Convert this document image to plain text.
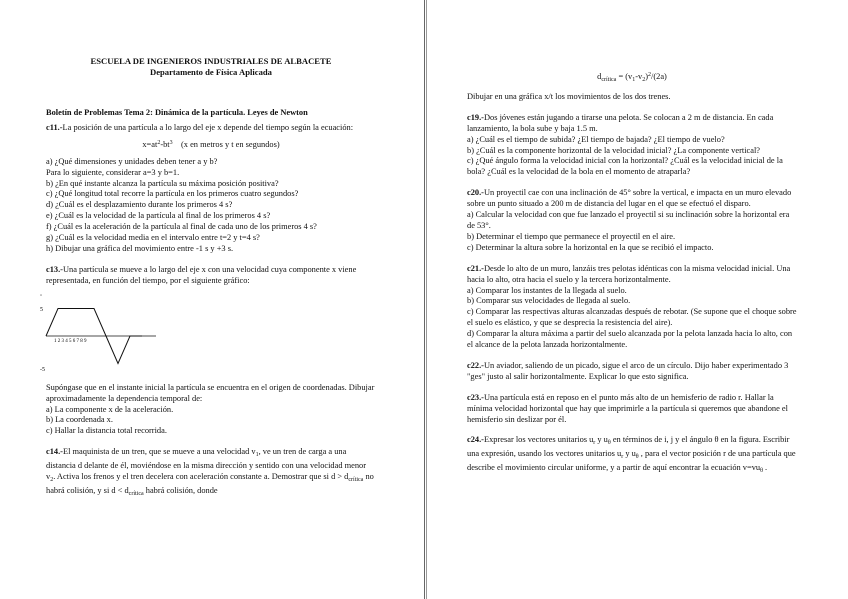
ESCUELA DE INGENIEROS INDUSTRIALES DE ALBACETE

Departamento de Física Aplicada

Boletín de Problemas Tema 2: Dinámica de la partícula. Leyes de Newton

c11.-La posición de una partícula a lo largo del eje x depende del tiempo según la ecuación:

$x=at^2-bt^3$ (x en metros y t en segundos)

a) ¿Qué dimensiones y unidades deben tener a y b?

Para lo siguiente, considerar a=3 y b=1.

b) ¿En qué instante alcanza la partícula su máxima posición positiva?

c) ¿Qué longitud total recorre la partícula en los primeros cuatro segundos?

d) ¿Cuál es el desplazamiento durante los primeros 4 s?

e) ¿Cuál es la velocidad de la partícula al final de los primeros 4 s?

f) ¿Cuál es la aceleración de la partícula al final de cada uno de los primeros 4 s?

g) ¿Cuál es la velocidad media en el intervalo entre t=2 y t=4 s?

h) Dibujar una gráfica del movimiento entre -1 s y +3 s.

c13.-Una partícula se mueve a lo largo del eje x con una velocidad cuya componente x viene representada, en función del tiempo, por el siguiente gráfico:

ˇ
5
-5
1 2 3 4 5 6 7 8 9

Supóngase que en el instante inicial la partícula se encuentra en el origen de coordenadas. Dibujar aproximadamente la dependencia temporal de:

a) La componente x de la aceleración.

b) La coordenada x.

c) Hallar la distancia total recorrida.

c14.-El maquinista de un tren, que se mueve a una velocidad $v_1$, ve un tren de carga a una distancia d delante de él, moviéndose en la misma dirección y sentido con una velocidad menor $v_2$. Activa los frenos y el tren decelera con aceleración constante a. Demostrar que si $d > d_{crítica}$ no habrá colisión, y si $d < d_{crítica}$ habrá colisión, donde

$d_{crítica} = (v_1-v_2)^2/(2a)$

Dibujar en una gráfica x/t los movimientos de los dos trenes.

c19.-Dos jóvenes están jugando a tirarse una pelota. Se colocan a 2 m de distancia. En cada lanzamiento, la bola sube y baja 1.5 m.

a) ¿Cuál es el tiempo de subida? ¿El tiempo de bajada? ¿El tiempo de vuelo?

b) ¿Cuál es la componente horizontal de la velocidad inicial? ¿La componente vertical?

c) ¿Qué ángulo forma la velocidad inicial con la horizontal? ¿Cuál es la velocidad inicial de la bola? ¿Cuál es la velocidad de la bola en el momento de atraparla?

c20.-Un proyectil cae con una inclinación de 45° sobre la vertical, e impacta en un muro elevado sobre un punto situado a 200 m de distancia del lugar en el que se efectuó el disparo.

a) Calcular la velocidad con que fue lanzado el proyectil si su inclinación sobre la horizontal era de 53°.

b) Determinar el tiempo que permanece el proyectil en el aire.

c) Determinar la altura sobre la horizontal en la que se recibió el impacto.

c21.-Desde lo alto de un muro, lanzáis tres pelotas idénticas con la misma velocidad inicial. Una hacia lo alto, otra hacia el suelo y la tercera horizontalmente.

a) Comparar los instantes de la llegada al suelo.

b) Comparar sus velocidades de llegada al suelo.

c) Comparar las respectivas alturas alcanzadas después de rebotar. (Se supone que el choque sobre el suelo es elástico, y que se desprecia la resistencia del aire).

d) Comparar la altura máxima a partir del suelo alcanzada por la pelota lanzada hacia lo alto, con el alcance de la pelota lanzada horizontalmente.

c22.-Un aviador, saliendo de un picado, sigue el arco de un círculo. Dijo haber experimentado 3 "ges" justo al salir horizontalmente. Explicar lo que esto significa.

c23.-Una partícula está en reposo en el punto más alto de un hemisferio de radio r. Hallar la mínima velocidad horizontal que hay que imprimirle a la partícula si queremos que abandone el hemisferio sin deslizar por él.

c24.-Expresar los vectores unitarios $u_r$ y $u_\theta$ en términos de i, j y el ángulo θ en la figura. Escribir una expresión, usando los vectores unitarios $u_r$ y $u_\theta$ , para el vector posición r de una partícula que describe el movimiento circular uniforme, y a partir de aquí encontrar la ecuación $v=vu_\theta$ .
